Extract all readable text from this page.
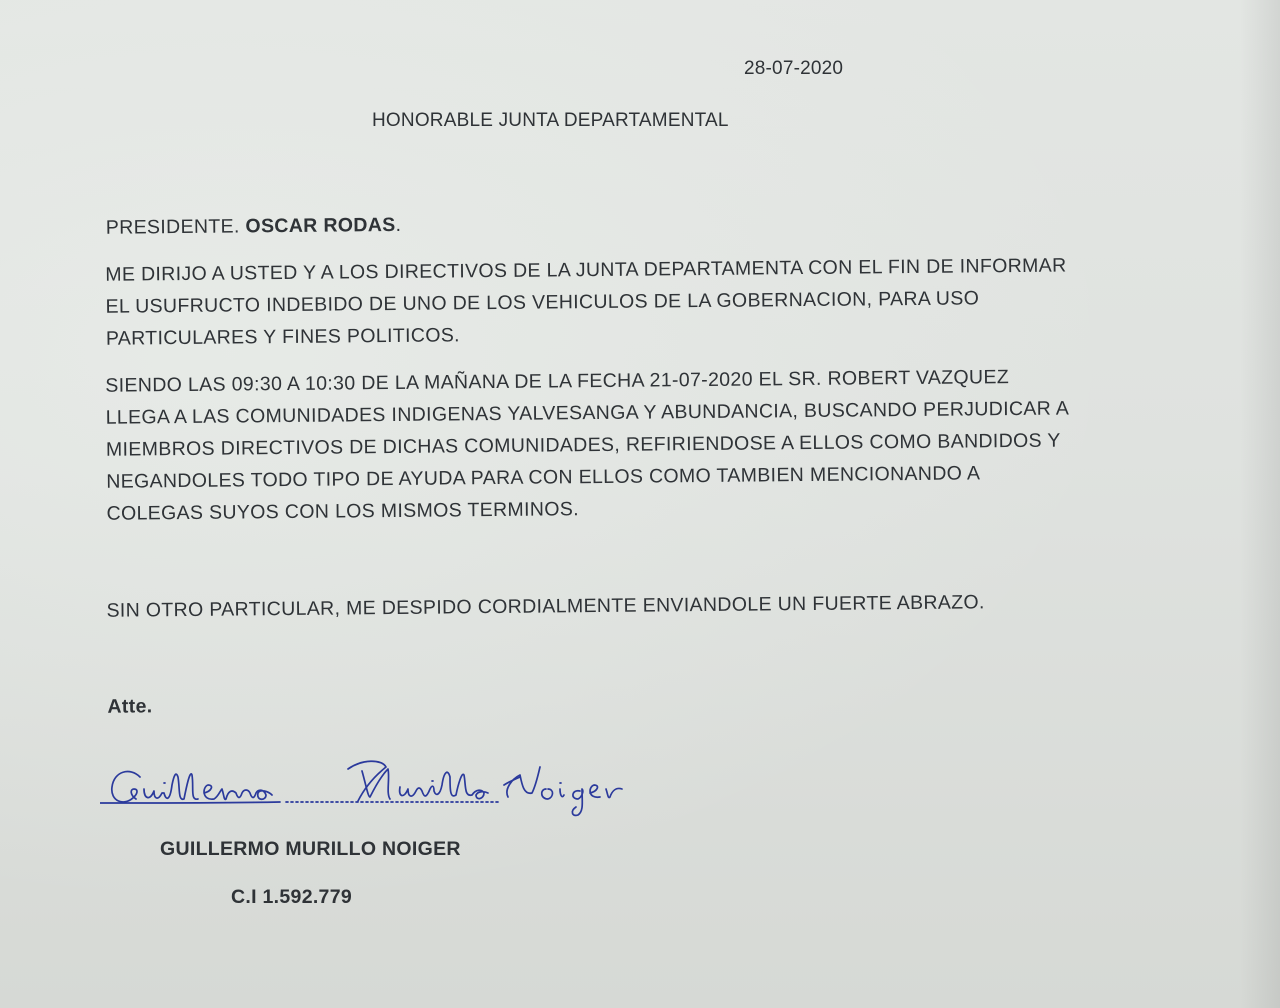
28-07-2020
HONORABLE JUNTA DEPARTAMENTAL
PRESIDENTE. OSCAR RODAS.
ME DIRIJO A USTED Y A LOS DIRECTIVOS DE LA JUNTA DEPARTAMENTA CON EL FIN DE INFORMAR
EL USUFRUCTO INDEBIDO DE UNO DE LOS VEHICULOS DE LA GOBERNACION, PARA USO
PARTICULARES Y FINES POLITICOS.
SIENDO LAS 09:30 A 10:30 DE LA MAÑANA DE LA FECHA 21-07-2020 EL SR. ROBERT VAZQUEZ
LLEGA A LAS COMUNIDADES INDIGENAS YALVESANGA Y ABUNDANCIA, BUSCANDO PERJUDICAR A
MIEMBROS DIRECTIVOS DE DICHAS COMUNIDADES, REFIRIENDOSE A ELLOS COMO BANDIDOS Y
NEGANDOLES TODO TIPO DE AYUDA PARA CON ELLOS COMO TAMBIEN MENCIONANDO A
COLEGAS SUYOS CON LOS MISMOS TERMINOS.
SIN OTRO PARTICULAR, ME DESPIDO CORDIALMENTE ENVIANDOLE UN FUERTE ABRAZO.
Atte.
Guillermo Murillo Noiger
GUILLERMO MURILLO NOIGER
C.I 1.592.779
